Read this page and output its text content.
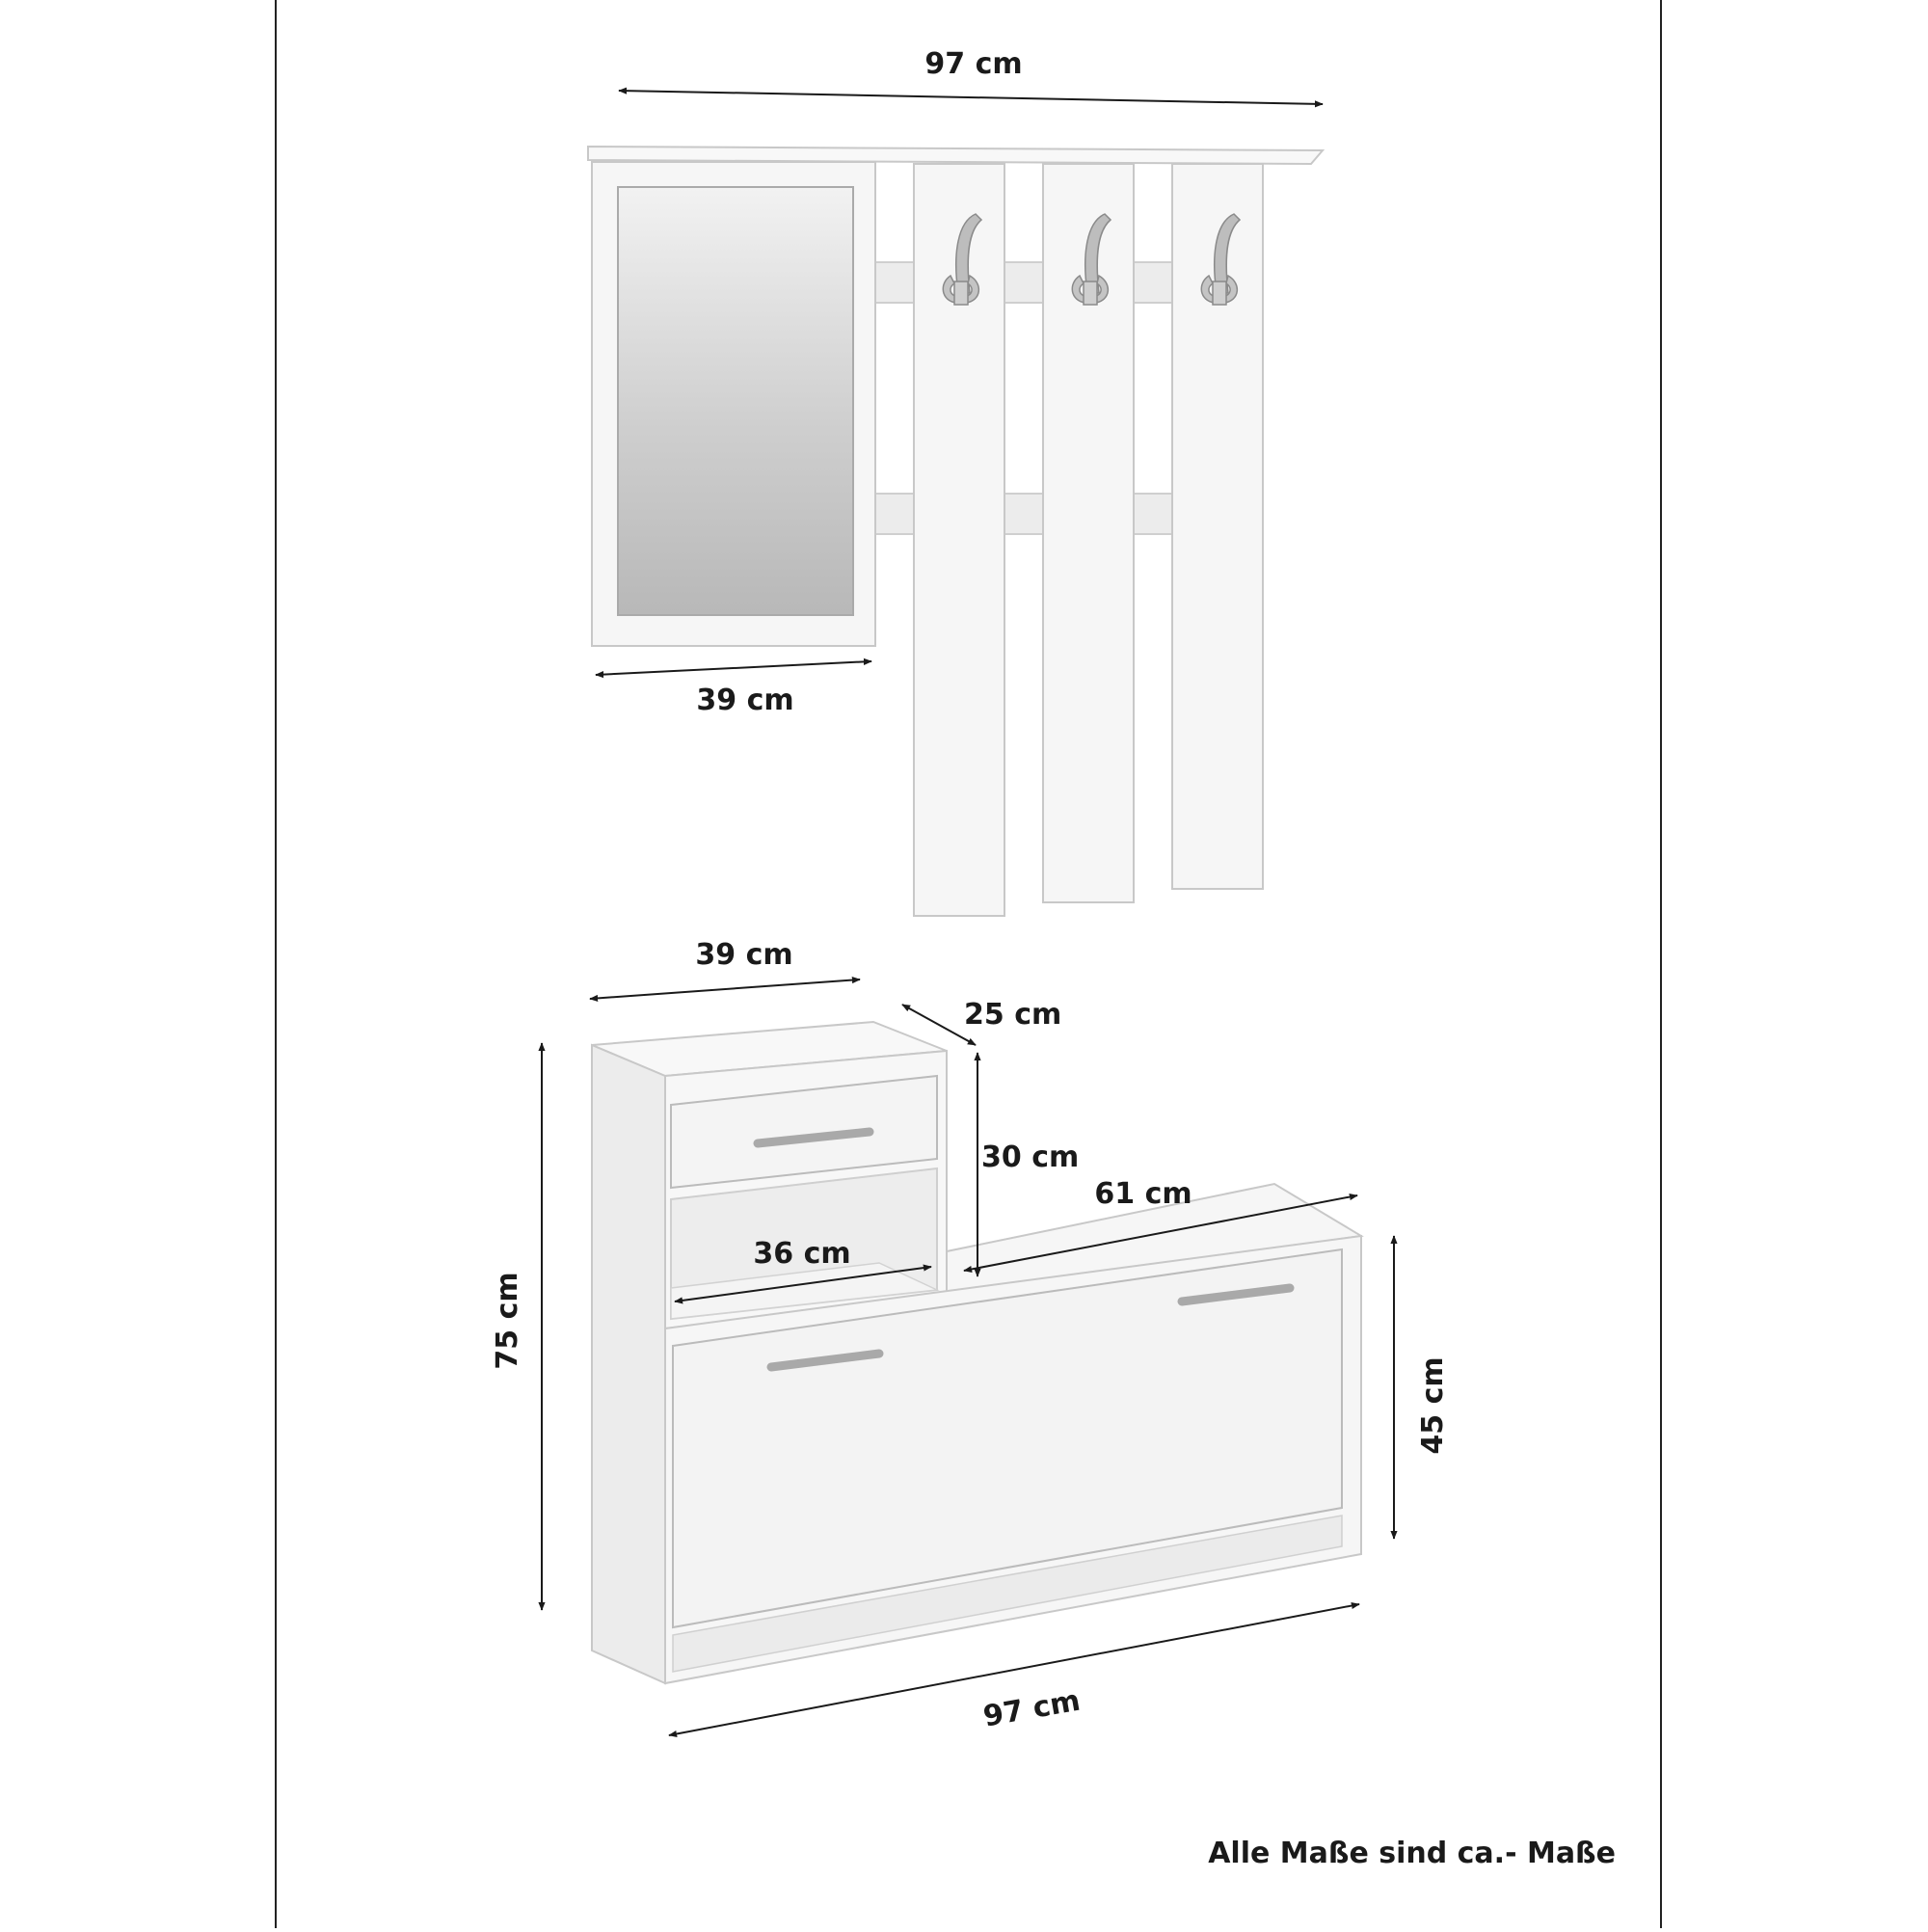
97 cm
39 cm
39 cm
25 cm
30 cm
61 cm
36 cm
75 cm
45 cm
97 cm
Alle Maße sind ca.- Maße
